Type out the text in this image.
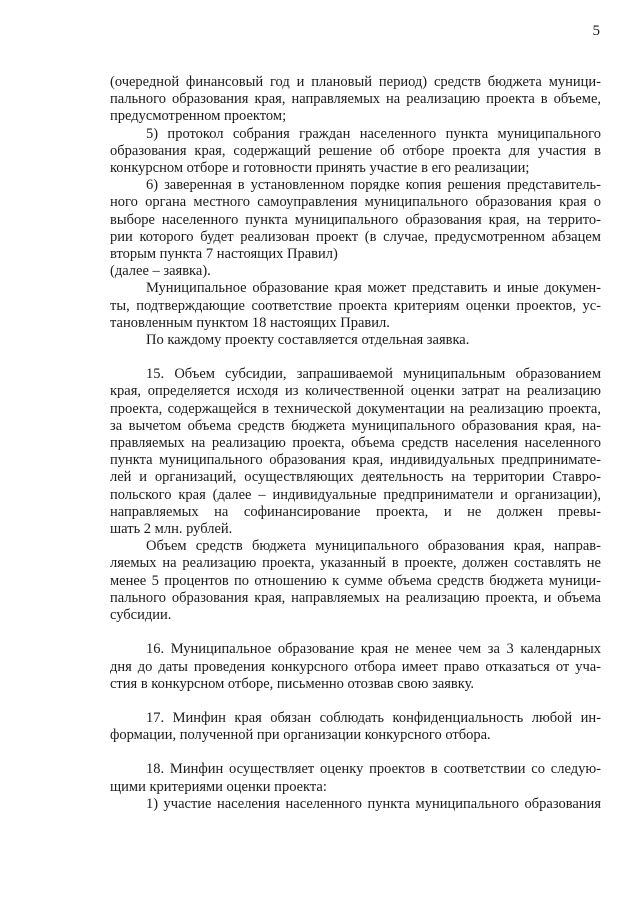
5
(очередной финансовый год и плановый период) средств бюджета муници-
пального образования края, направляемых на реализацию проекта в объеме,
предусмотренном проектом;
5) протокол собрания граждан населенного пункта муниципального
образования края, содержащий решение об отборе проекта для участия в
конкурсном отборе и готовности принять участие в его реализации;
6) заверенная в установленном порядке копия решения представитель-
ного органа местного самоуправления муниципального образования края о
выборе населенного пункта муниципального образования края, на террито-
рии которого будет реализован проект (в случае, предусмотренном абзацем
вторым пункта 7 настоящих Правил)
(далее – заявка).
Муниципальное образование края может представить и иные докумен-
ты, подтверждающие соответствие проекта критериям оценки проектов, ус-
тановленным пунктом 18 настоящих Правил.
По каждому проекту составляется отдельная заявка.
15. Объем субсидии, запрашиваемой муниципальным образованием
края, определяется исходя из количественной оценки затрат на реализацию
проекта, содержащейся в технической документации на реализацию проекта,
за вычетом объема средств бюджета муниципального образования края, на-
правляемых на реализацию проекта, объема средств населения населенного
пункта муниципального образования края, индивидуальных предпринимате-
лей и организаций, осуществляющих деятельность на территории Ставро-
польского края (далее – индивидуальные предприниматели и организации),
направляемых на софинансирование проекта, и не должен превы-
шать 2 млн. рублей.
Объем средств бюджета муниципального образования края, направ-
ляемых на реализацию проекта, указанный в проекте, должен составлять не
менее 5 процентов по отношению к сумме объема средств бюджета муници-
пального образования края, направляемых на реализацию проекта, и объема
субсидии.
16. Муниципальное образование края не менее чем за 3 календарных
дня до даты проведения конкурсного отбора имеет право отказаться от уча-
стия в конкурсном отборе, письменно отозвав свою заявку.
17. Минфин края обязан соблюдать конфиденциальность любой ин-
формации, полученной при организации конкурсного отбора.
18. Минфин осуществляет оценку проектов в соответствии со следую-
щими критериями оценки проекта:
1) участие населения населенного пункта муниципального образования
